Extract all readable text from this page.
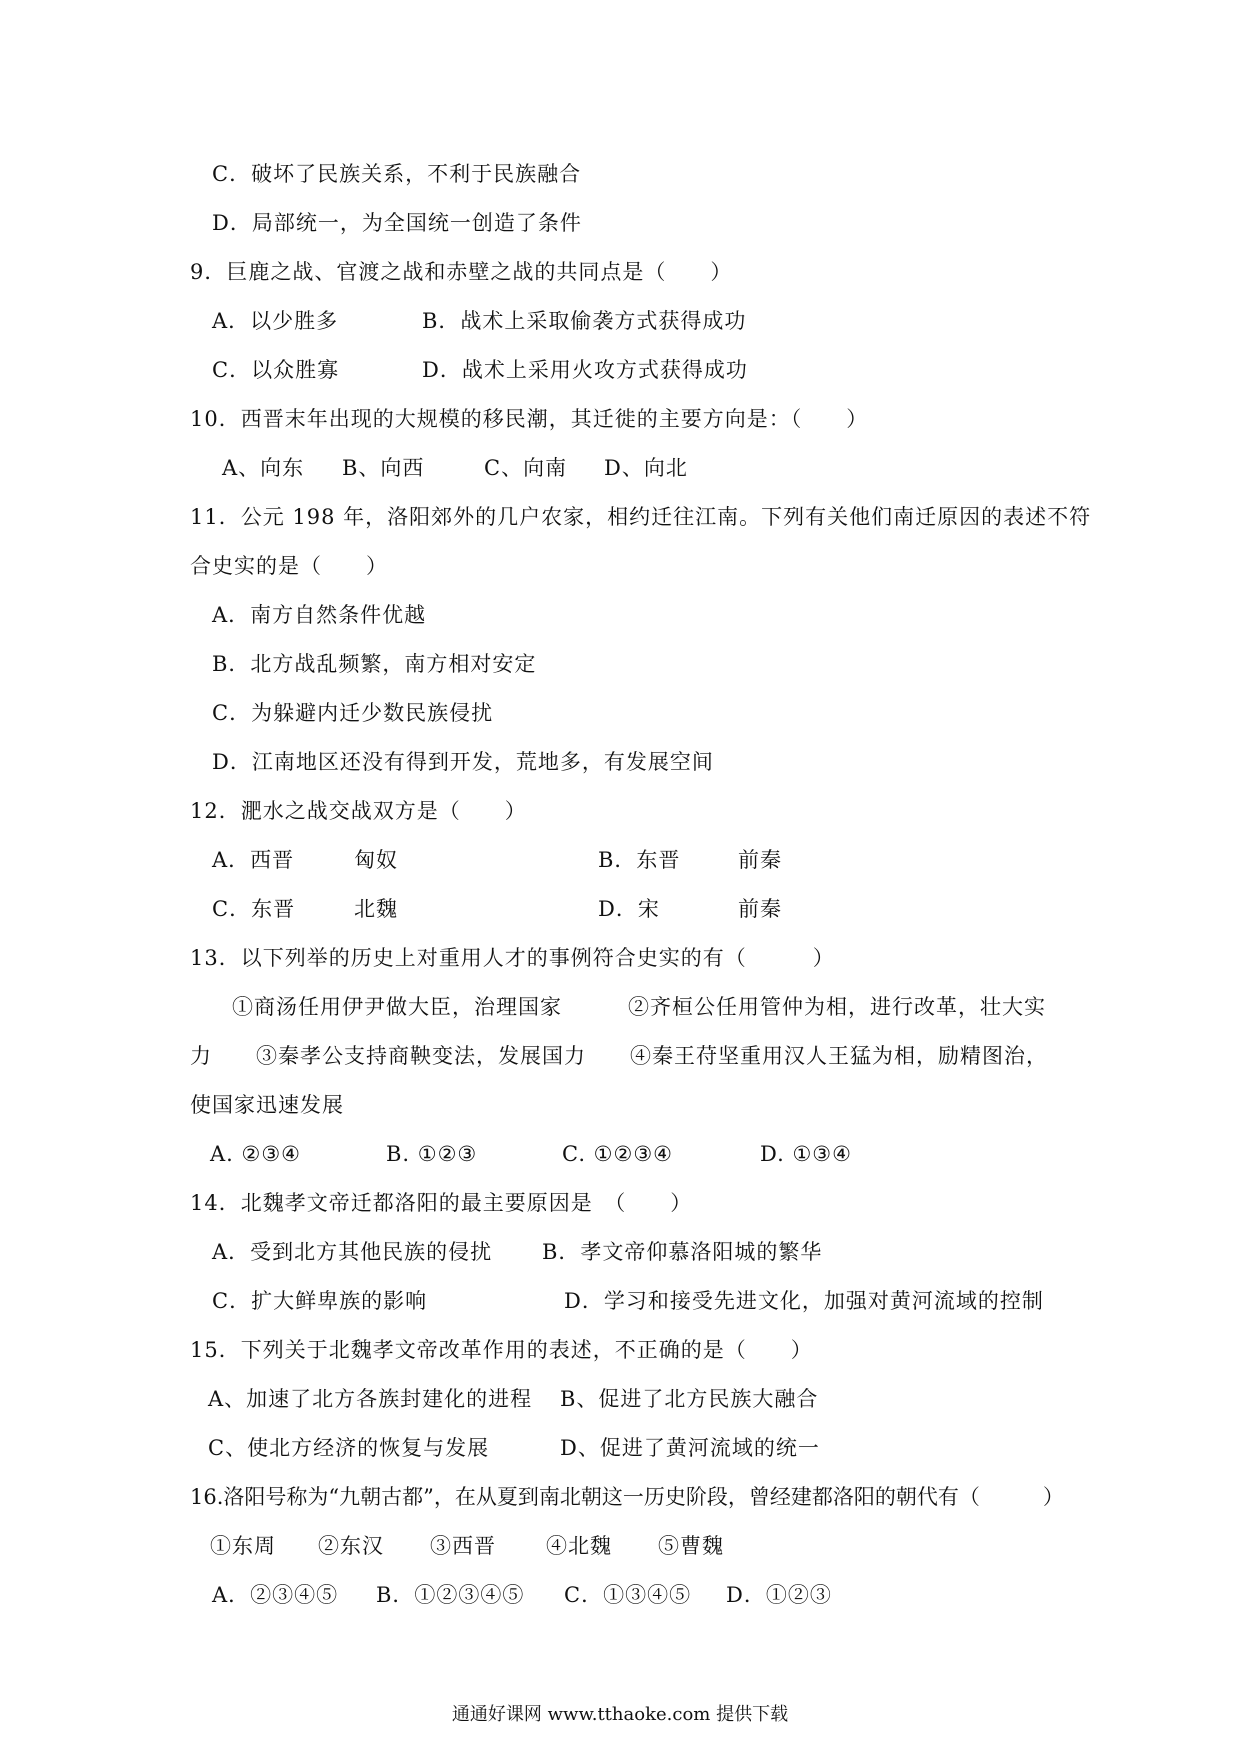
C．破坏了民族关系，不利于民族融合
D．局部统一，为全国统一创造了条件
9．巨鹿之战、官渡之战和赤壁之战的共同点是（　　）
A．以少胜多	B．战术上采取偷袭方式获得成功
C．以众胜寡	D．战术上采用火攻方式获得成功
10．西晋末年出现的大规模的移民潮，其迁徙的主要方向是：（　　）
A、向东 B、向西	C、向南 D、向北
11．公元 198 年，洛阳郊外的几户农家，相约迁往江南。下列有关他们南迁原因的表述不符
合史实的是（　　）
A．南方自然条件优越
B．北方战乱频繁，南方相对安定
C．为躲避内迁少数民族侵扰
D．江南地区还没有得到开发，荒地多，有发展空间
12．淝水之战交战双方是（　　）
A．西晋	匈奴	B．东晋	前秦
C．东晋	北魏	D．宋	前秦
13．以下列举的历史上对重用人才的事例符合史实的有（　　　）
①商汤任用伊尹做大臣，治理国家　　　②齐桓公任用管仲为相，进行改革，壮大实
力　　③秦孝公支持商鞅变法，发展国力　　④秦王苻坚重用汉人王猛为相，励精图治，
使国家迅速发展
A. ②③④	B. ①②③	C. ①②③④	D. ①③④
14．北魏孝文帝迁都洛阳的最主要原因是　（　　）
A．受到北方其他民族的侵扰 B．孝文帝仰慕洛阳城的繁华
C．扩大鲜卑族的影响	D．学习和接受先进文化，加强对黄河流域的控制
15．下列关于北魏孝文帝改革作用的表述，不正确的是（　　）
A、加速了北方各族封建化的进程 B、促进了北方民族大融合
C、使北方经济的恢复与发展	D、促进了黄河流域的统一
16.洛阳号称为“九朝古都”，在从夏到南北朝这一历史阶段，曾经建都洛阳的朝代有（　　　）
①东周 ②东汉 ③西晋 ④北魏 ⑤曹魏
A．②③④⑤ B．①②③④⑤ C．①③④⑤ D．①②③
通通好课网 www.tthaoke.com 提供下载
